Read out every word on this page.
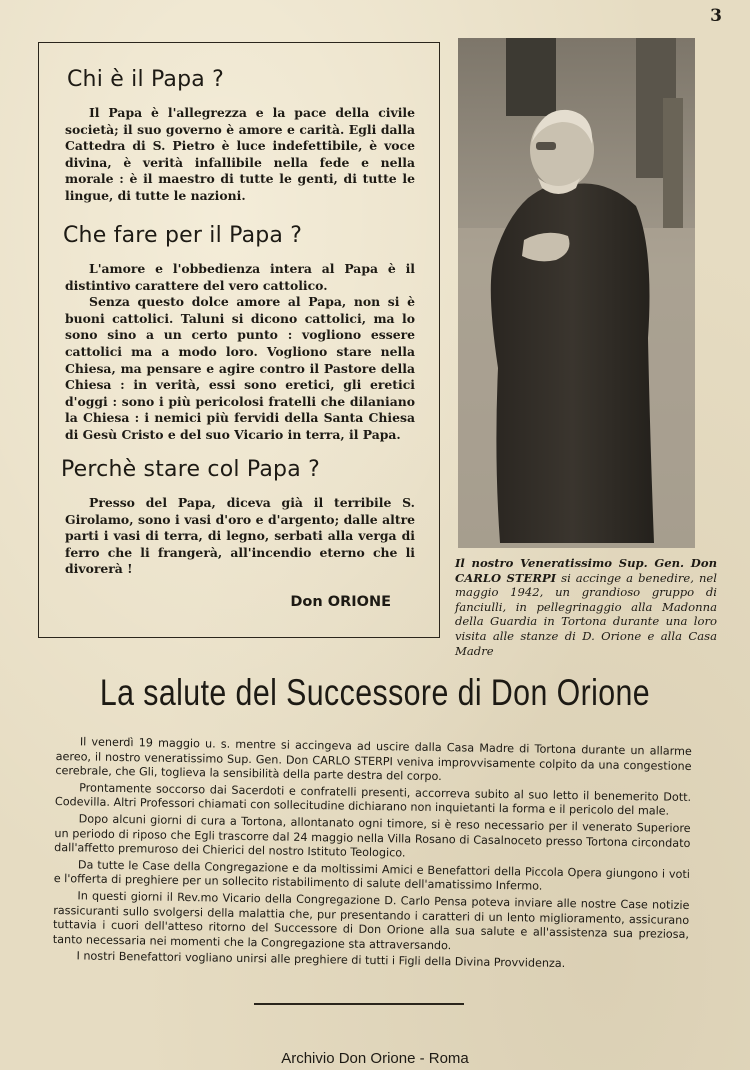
3
Chi è il Papa ?

Il Papa è l'allegrezza e la pace della civile società; il suo governo è amore e carità. Egli dalla Cattedra di S. Pietro è luce indefettibile, è voce divina, è verità infallibile nella fede e nella morale : è il maestro di tutte le genti, di tutte le lingue, di tutte le nazioni.

Che fare per il Papa ?
L'amore e l'obbedienza intera al Papa è il distintivo carattere del vero cattolico.
Senza questo dolce amore al Papa, non si è buoni cattolici. Taluni si dicono cattolici, ma lo sono sino a un certo punto : vogliono essere cattolici ma a modo loro. Vogliono stare nella Chiesa, ma pensare e agire contro il Pastore della Chiesa : in verità, essi sono eretici, gli eretici d'oggi : sono i più pericolosi fratelli che dilaniano la Chiesa : i nemici più fervidi della Santa Chiesa di Gesù Cristo e del suo Vicario in terra, il Papa.
Perchè stare col Papa ?

Presso del Papa, diceva già il terribile S. Girolamo, sono i vasi d'oro e d'argento; dalle altre parti i vasi di terra, di legno, serbati alla verga di ferro che li frangerà, all'incendio eterno che li divorerà !

Don ORIONE

Il nostro Veneratissimo Sup. Gen. Don CARLO STERPI si accinge a benedire, nel maggio 1942, un grandioso gruppo di fanciulli, in pellegrinaggio alla Madonna della Guardia in Tortona durante una loro visita alle stanze di D. Orione e alla Casa Madre

La salute del Successore di Don Orione

Il venerdì 19 maggio u. s. mentre si accingeva ad uscire dalla Casa Madre di Tortona durante un allarme aereo, il nostro veneratissimo Sup. Gen. Don CARLO STERPI veniva improvvisamente colpito da una congestione cerebrale, che Gli, toglieva la sensibilità della parte destra del corpo.

Prontamente soccorso dai Sacerdoti e confratelli presenti, accorreva subito al suo letto il benemerito Dott. Codevilla. Altri Professori chiamati con sollecitudine dichiarano non inquietanti la forma e il pericolo del male.

Dopo alcuni giorni di cura a Tortona, allontanato ogni timore, si è reso necessario per il venerato Superiore un periodo di riposo che Egli trascorre dal 24 maggio nella Villa Rosano di Casalnoceto presso Tortona circondato dall'affetto premuroso dei Chierici del nostro Istituto Teologico.

Da tutte le Case della Congregazione e da moltissimi Amici e Benefattori della Piccola Opera giungono i voti e l'offerta di preghiere per un sollecito ristabilimento di salute dell'amatissimo Infermo.

In questi giorni il Rev.mo Vicario della Congregazione D. Carlo Pensa poteva inviare alle nostre Case notizie rassicuranti sullo svolgersi della malattia che, pur presentando i caratteri di un lento miglioramento, assicurano tuttavia i cuori dell'atteso ritorno del Successore di Don Orione alla sua salute e all'assistenza sua preziosa, tanto necessaria nei momenti che la Congregazione sta attraversando.

I nostri Benefattori vogliano unirsi alle preghiere di tutti i Figli della Divina Provvidenza.

Archivio Don Orione - Roma
